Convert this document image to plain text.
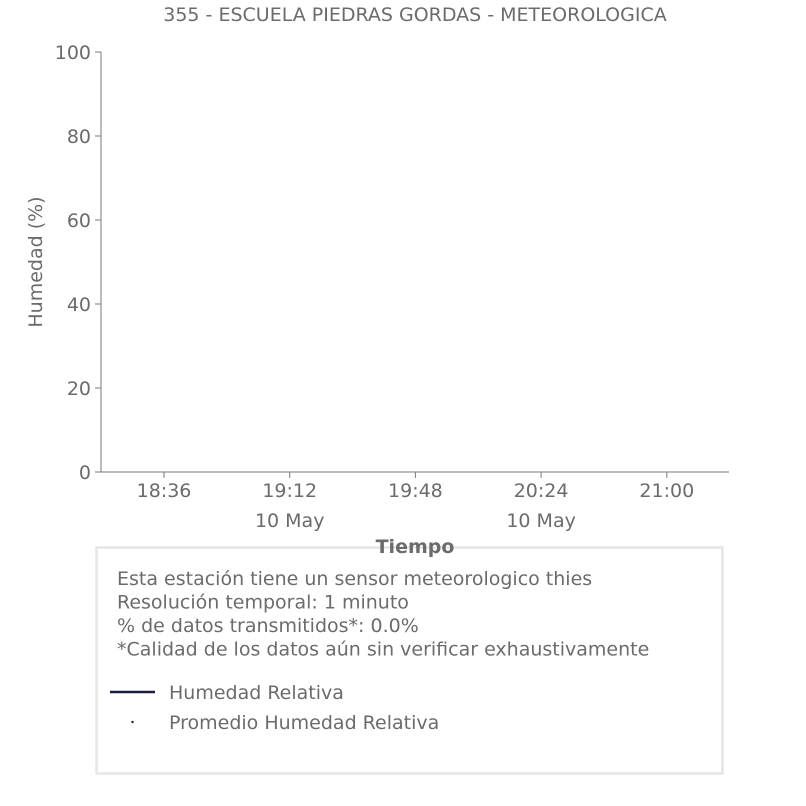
355 - ESCUELA PIEDRAS GORDAS - METEOROLOGICA
0
20
40
60
80
100
18:36	19:12
10 May
19:48	20:24
10 May
21:00
Humedad (%)
Esta estación tiene un sensor meteorologico thies
Resolución temporal: 1 minuto
% de datos transmitidos*: 0.0%
*Calidad de los datos aún sin verificar exhaustivamente
Humedad Relativa
Promedio Humedad Relativa
Tiempo
